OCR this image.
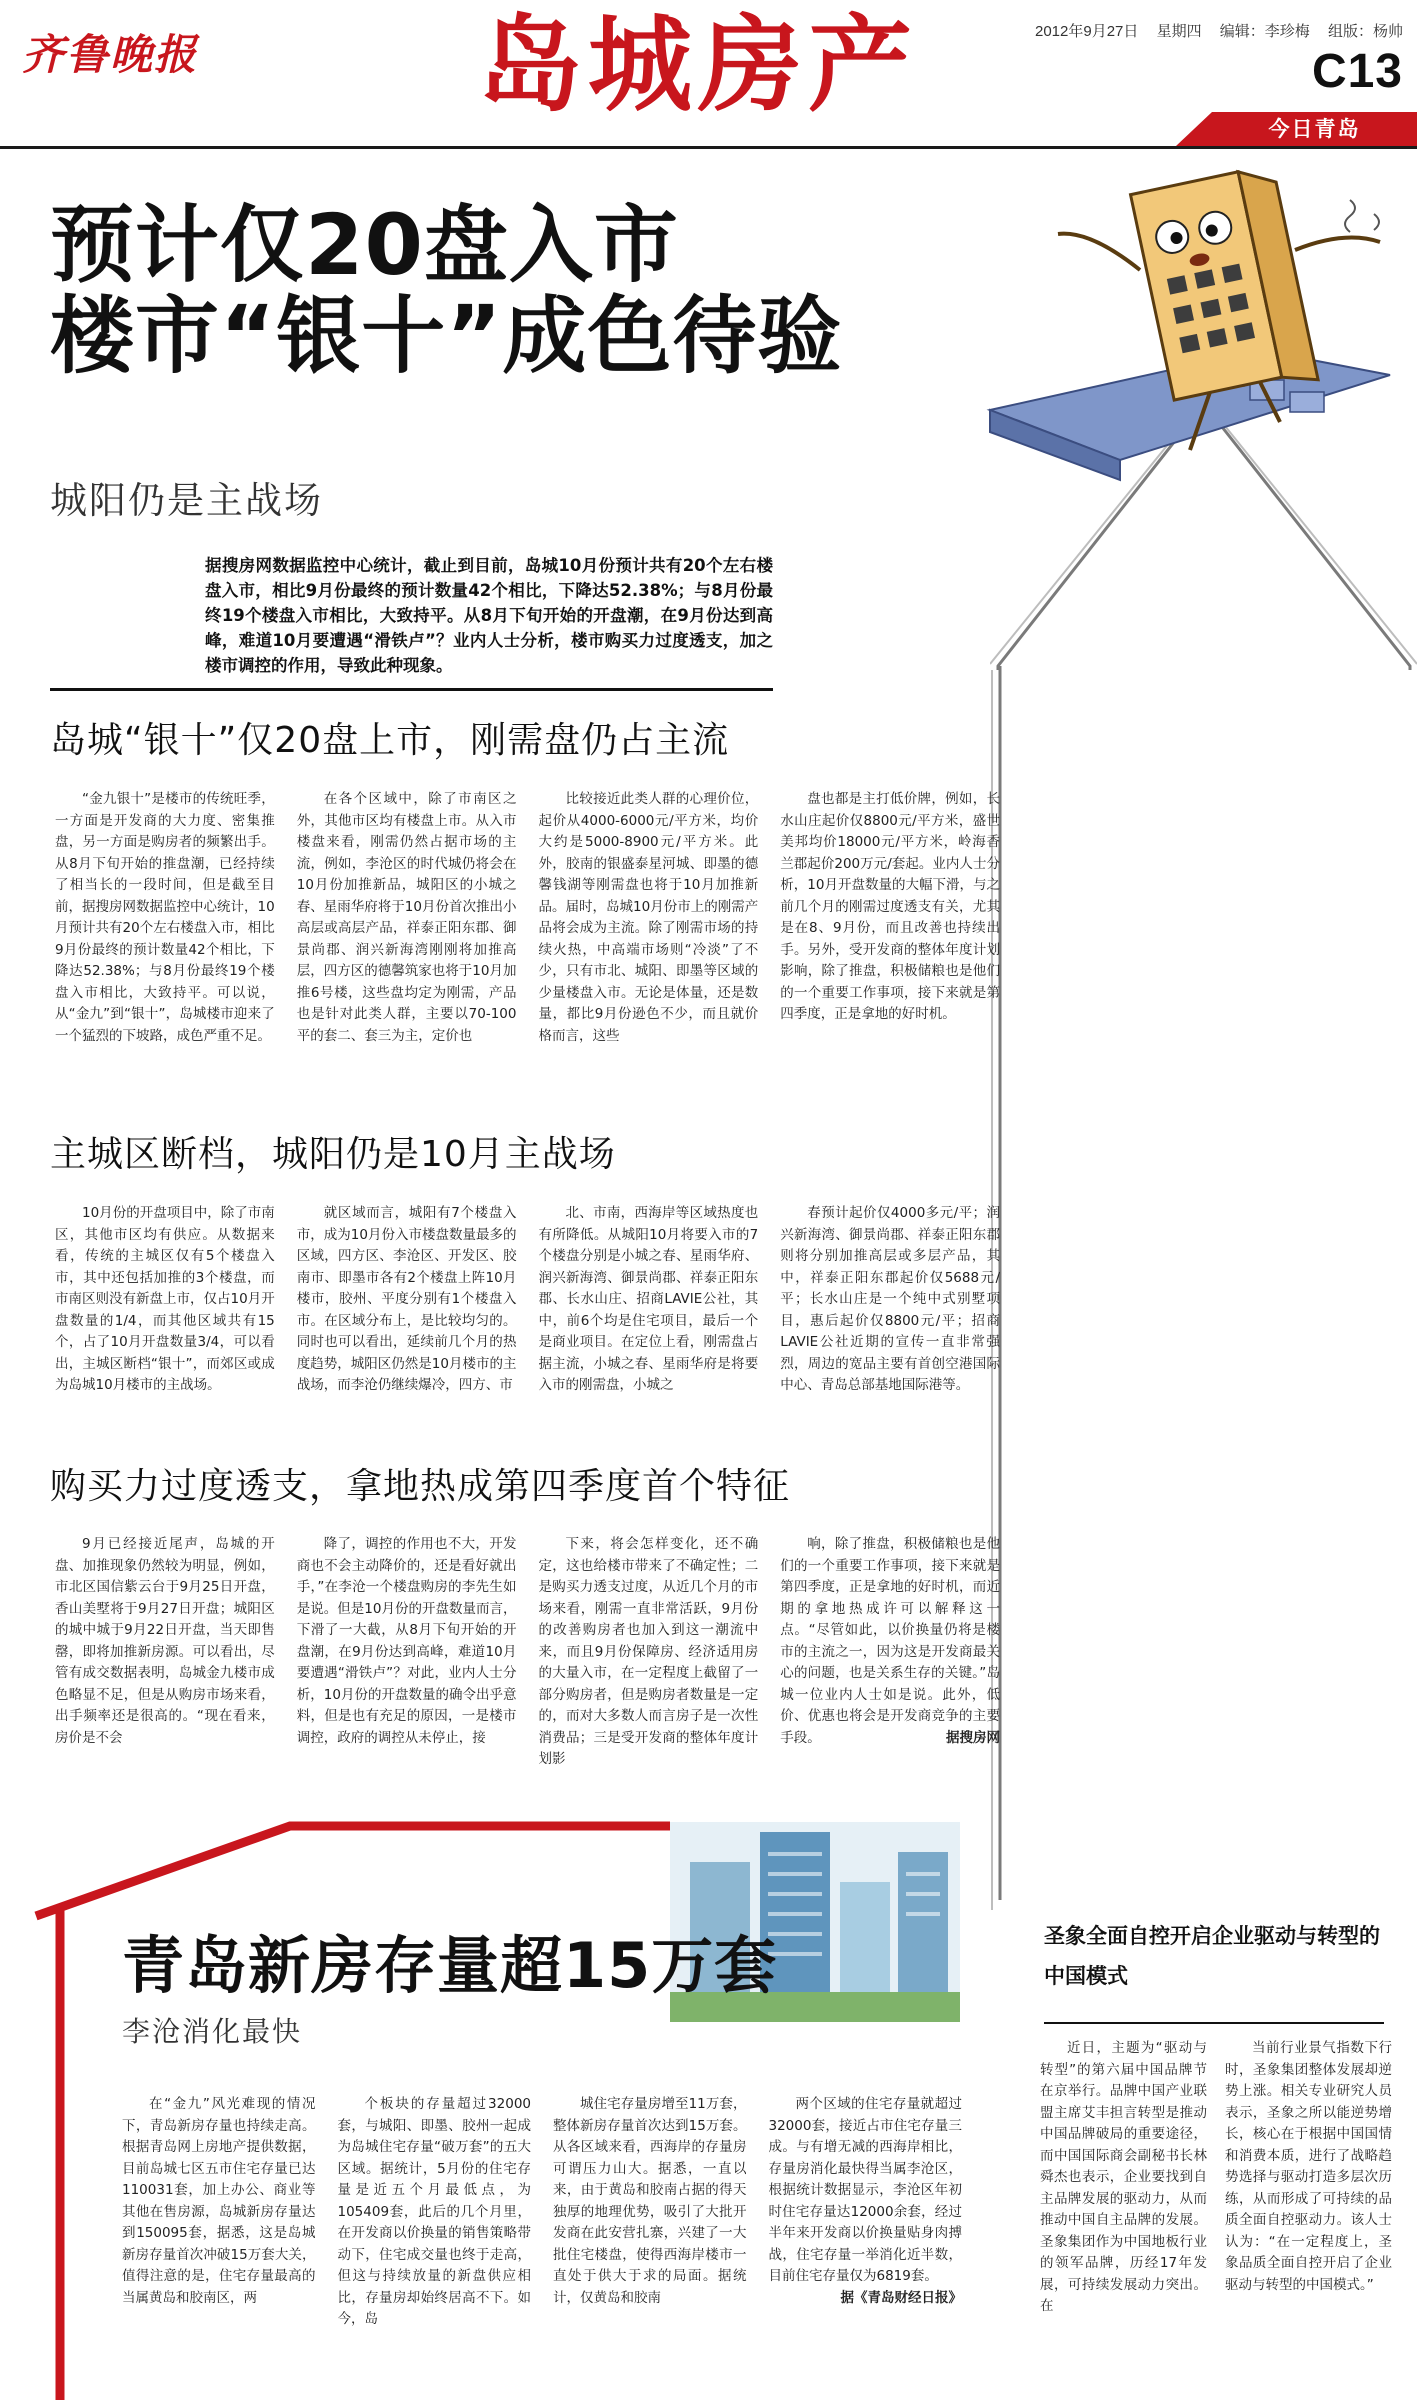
齐鲁晚报	岛城房产	2012年9月27日 星期四 编辑：李珍梅 组版：杨帅
C13
今日青岛
预计仅20盘入市
楼市“银十”成色待验
城阳仍是主战场
据搜房网数据监控中心统计，截止到目前，岛城10月份预计共有20个左右楼盘入市，相比9月份最终的预计数量42个相比，下降达52.38%；与8月份最终19个楼盘入市相比，大致持平。从8月下旬开始的开盘潮，在9月份达到高峰，难道10月要遭遇“滑铁卢”？业内人士分析，楼市购买力过度透支，加之楼市调控的作用，导致此种现象。
岛城“银十”仅20盘上市，刚需盘仍占主流
“金九银十”是楼市的传统旺季，一方面是开发商的大力度、密集推盘，另一方面是购房者的频繁出手。从8月下旬开始的推盘潮，已经持续了相当长的一段时间，但是截至目前，据搜房网数据监控中心统计，10月预计共有20个左右楼盘入市，相比9月份最终的预计数量42个相比，下降达52.38%；与8月份最终19个楼盘入市相比，大致持平。可以说，从“金九”到“银十”，岛城楼市迎来了一个猛烈的下坡路，成色严重不足。
在各个区域中，除了市南区之外，其他市区均有楼盘上市。从入市楼盘来看，刚需仍然占据市场的主流，例如，李沧区的时代城仍将会在10月份加推新品，城阳区的小城之春、星雨华府将于10月份首次推出小高层或高层产品，祥泰正阳东郡、御景尚郡、润兴新海湾刚刚将加推高层，四方区的德馨筑家也将于10月加推6号楼，这些盘均定为刚需，产品也是针对此类人群，主要以70-100平的套二、套三为主，定价也
比较接近此类人群的心理价位，起价从4000-6000元/平方米，均价大约是5000-8900元/平方米。此外，胶南的银盛泰星河城、即墨的德馨钱湖等刚需盘也将于10月加推新品。届时，岛城10月份市上的刚需产品将会成为主流。除了刚需市场的持续火热，中高端市场则“冷淡”了不少，只有市北、城阳、即墨等区域的少量楼盘入市。无论是体量，还是数量，都比9月份逊色不少，而且就价格而言，这些
盘也都是主打低价牌，例如，长水山庄起价仅8800元/平方米，盛世美邦均价18000元/平方米，岭海香兰郡起价200万元/套起。业内人士分析，10月开盘数量的大幅下滑，与之前几个月的刚需过度透支有关，尤其是在8、9月份，而且改善也持续出手。另外，受开发商的整体年度计划影响，除了推盘，积极储粮也是他们的一个重要工作事项，接下来就是第四季度，正是拿地的好时机。
主城区断档，城阳仍是10月主战场
10月份的开盘项目中，除了市南区，其他市区均有供应。从数据来看，传统的主城区仅有5个楼盘入市，其中还包括加推的3个楼盘，而市南区则没有新盘上市，仅占10月开盘数量的1/4，而其他区域共有15个，占了10月开盘数量3/4，可以看出，主城区断档“银十”，而郊区或成为岛城10月楼市的主战场。
就区域而言，城阳有7个楼盘入市，成为10月份入市楼盘数量最多的区域，四方区、李沧区、开发区、胶南市、即墨市各有2个楼盘上阵10月楼市，胶州、平度分别有1个楼盘入市。在区域分布上，是比较均匀的。同时也可以看出，延续前几个月的热度趋势，城阳区仍然是10月楼市的主战场，而李沧仍继续爆冷，四方、市
北、市南，西海岸等区域热度也有所降低。从城阳10月将要入市的7个楼盘分别是小城之春、星雨华府、润兴新海湾、御景尚郡、祥泰正阳东郡、长水山庄、招商LAVIE公社，其中，前6个均是住宅项目，最后一个是商业项目。在定位上看，刚需盘占据主流，小城之春、星雨华府是将要入市的刚需盘，小城之
春预计起价仅4000多元/平；润兴新海湾、御景尚郡、祥泰正阳东郡则将分别加推高层或多层产品，其中，祥泰正阳东郡起价仅5688元/平；长水山庄是一个纯中式别墅项目，惠后起价仅8800元/平；招商LAVIE公社近期的宣传一直非常强烈，周边的宽品主要有首创空港国际中心、青岛总部基地国际港等。
购买力过度透支，拿地热成第四季度首个特征
9月已经接近尾声，岛城的开盘、加推现象仍然较为明显，例如，市北区国信紫云台于9月25日开盘，香山美墅将于9月27日开盘；城阳区的城中城于9月22日开盘，当天即售罄，即将加推新房源。可以看出，尽管有成交数据表明，岛城金九楼市成色略显不足，但是从购房市场来看，出手频率还是很高的。“现在看来，房价是不会
降了，调控的作用也不大，开发商也不会主动降价的，还是看好就出手，”在李沧一个楼盘购房的李先生如是说。但是10月份的开盘数量而言，下滑了一大截，从8月下旬开始的开盘潮，在9月份达到高峰，难道10月要遭遇“滑铁卢”？对此，业内人士分析，10月份的开盘数量的确令出乎意料，但是也有充足的原因，一是楼市调控，政府的调控从未停止，接
下来，将会怎样变化，还不确定，这也给楼市带来了不确定性；二是购买力透支过度，从近几个月的市场来看，刚需一直非常活跃，9月份的改善购房者也加入到这一潮流中来，而且9月份保障房、经济适用房的大量入市，在一定程度上截留了一部分购房者，但是购房者数量是一定的，而对大多数人而言房子是一次性消费品；三是受开发商的整体年度计划影
响，除了推盘，积极储粮也是他们的一个重要工作事项，接下来就是第四季度，正是拿地的好时机，而近期的拿地热成许可以解释这一点。“尽管如此，以价换量仍将是楼市的主流之一，因为这是开发商最关心的问题，也是关系生存的关键。”岛城一位业内人士如是说。此外，低价、优惠也将会是开发商竞争的主要手段。	据搜房网
青岛新房存量超15万套
李沧消化最快
在“金九”风光难现的情况下，青岛新房存量也持续走高。根据青岛网上房地产提供数据，目前岛城七区五市住宅存量已达110031套，加上办公、商业等其他在售房源，岛城新房存量达到150095套，据悉，这是岛城新房存量首次冲破15万套大关，值得注意的是，住宅存量最高的当属黄岛和胶南区，两
个板块的存量超过32000套，与城阳、即墨、胶州一起成为岛城住宅存量“破万套”的五大区域。据统计，5月份的住宅存量是近五个月最低点，为105409套，此后的几个月里，在开发商以价换量的销售策略带动下，住宅成交量也终于走高，但这与持续放量的新盘供应相比，存量房却始终居高不下。如今，岛
城住宅存量房增至11万套，整体新房存量首次达到15万套。从各区域来看，西海岸的存量房可谓压力山大。据悉，一直以来，由于黄岛和胶南占据的得天独厚的地理优势，吸引了大批开发商在此安营扎寨，兴建了一大批住宅楼盘，使得西海岸楼市一直处于供大于求的局面。据统计，仅黄岛和胶南
两个区域的住宅存量就超过32000套，接近占市住宅存量三成。与有增无减的西海岸相比，存量房消化最快得当属李沧区，根据统计数据显示，李沧区年初时住宅存量达12000余套，经过半年来开发商以价换量贴身肉搏战，住宅存量一举消化近半数，目前住宅存量仅为6819套。
据《青岛财经日报》
圣象全面自控开启企业驱动与转型的中国模式
近日，主题为“驱动与转型”的第六届中国品牌节在京举行。品牌中国产业联盟主席艾丰担言转型是推动中国品牌破局的重要途径，而中国国际商会副秘书长林舜杰也表示，企业要找到自主品牌发展的驱动力，从而推动中国自主品牌的发展。圣象集团作为中国地板行业的领军品牌，历经17年发展，可持续发展动力突出。在
当前行业景气指数下行时，圣象集团整体发展却逆势上涨。相关专业研究人员表示，圣象之所以能逆势增长，核心在于根据中国国情和消费本质，进行了战略趋势选择与驱动打造多层次历练，从而形成了可持续的品质全面自控驱动力。该人士认为：“在一定程度上，圣象品质全面自控开启了企业驱动与转型的中国模式。”
